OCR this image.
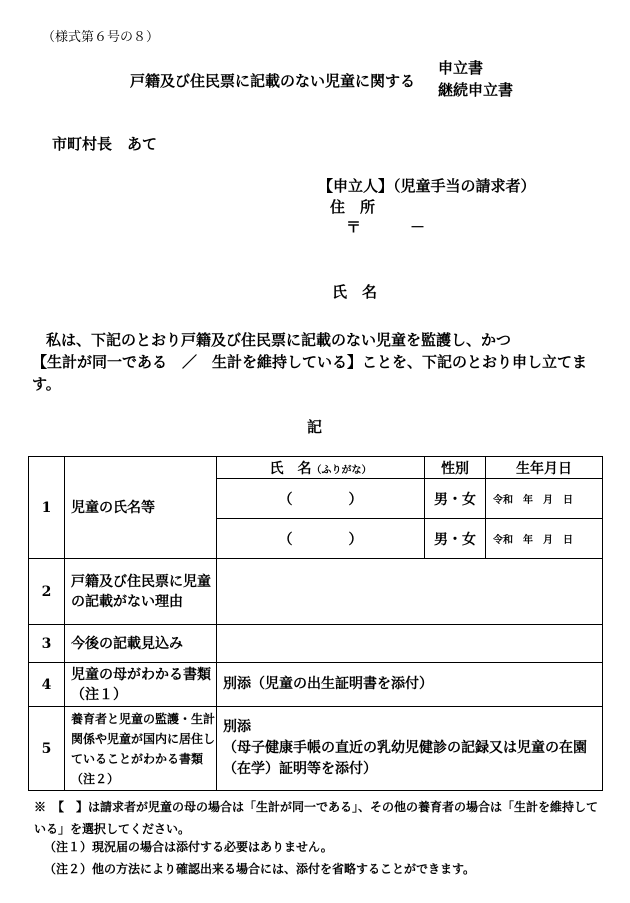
（様式第６号の８）
戸籍及び住民票に記載のない児童に関する
申立書
継続申立書
市町村長　あて
【申立人】（児童手当の請求者）
住　所
〒	－
氏　名
私は、下記のとおり戸籍及び住民票に記載のない児童を監護し、かつ
【生計が同一である　／　生計を維持している】ことを、下記のとおり申し立てます。
記
1	児童の氏名等	氏　名（ふりがな）	性別	生年月日
		（ ）	男・女	令和　年　月　日
		（ ）	男・女	令和　年　月　日
2	戸籍及び住民票に児童の記載がない理由			
3	今後の記載見込み			
4	児童の母がわかる書類（注１）	別添（児童の出生証明書を添付）		
5	養育者と児童の監護・生計関係や児童が国内に居住していることがわかる書類（注２）	別添
（母子健康手帳の直近の乳幼児健診の記録又は児童の在園（在学）証明等を添付）		
※　【　】は請求者が児童の母の場合は「生計が同一である」、その他の養育者の場合は「生計を維持している」を選択してください。
（注１）現況届の場合は添付する必要はありません。
（注２）他の方法により確認出来る場合には、添付を省略することができます。
